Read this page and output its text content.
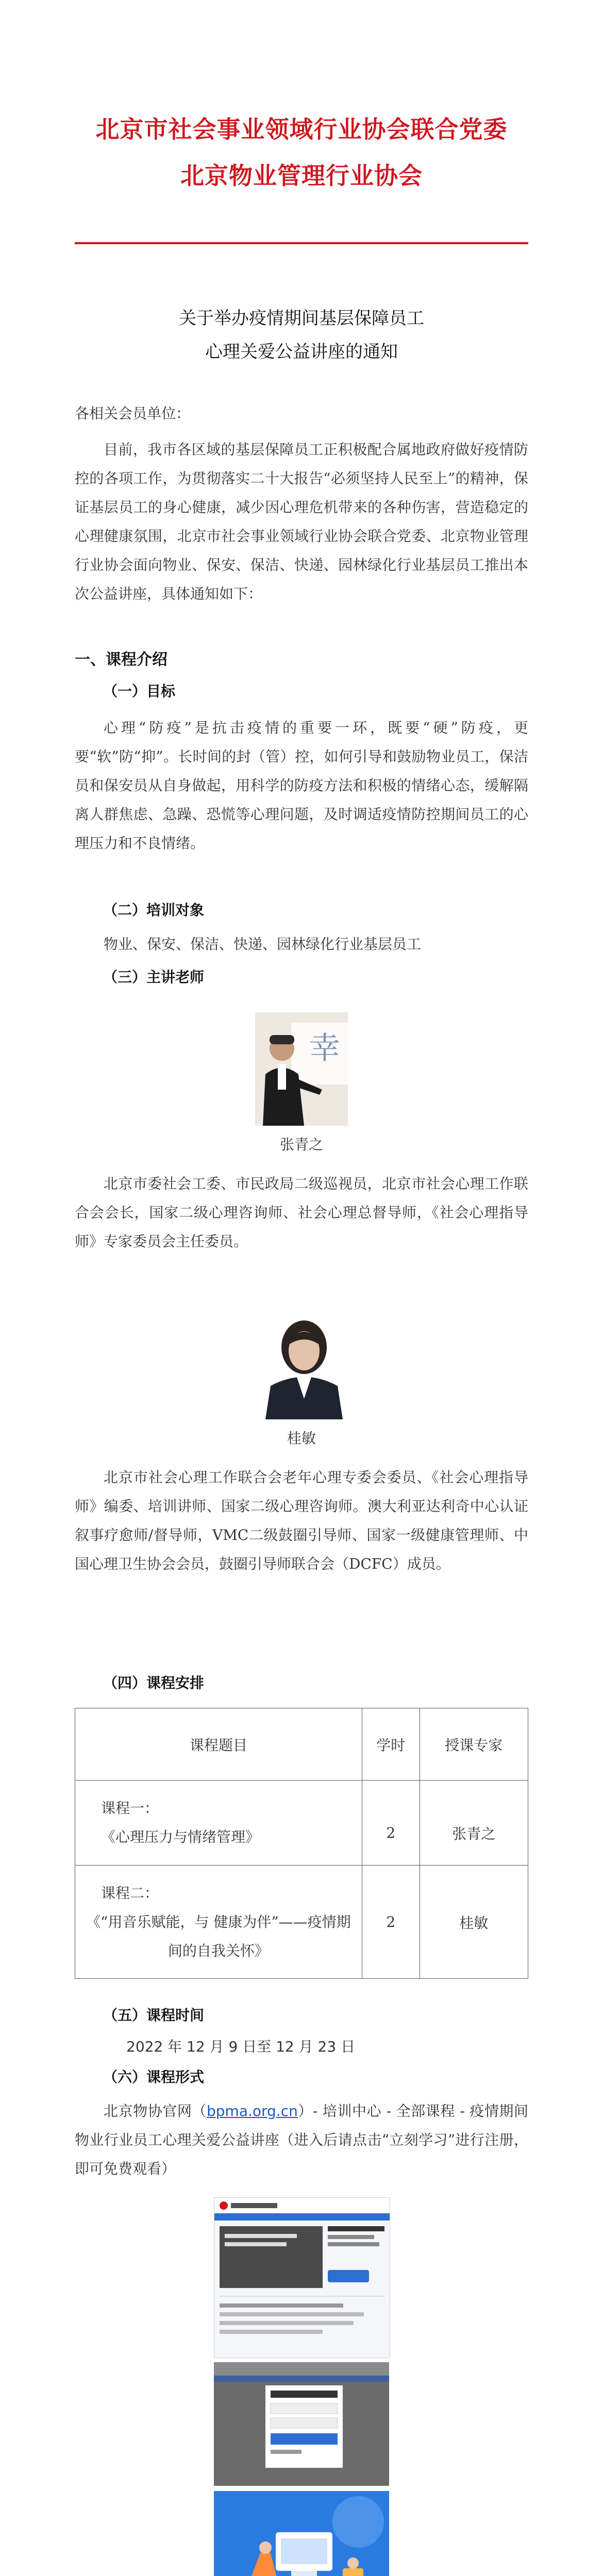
北京市社会事业领域行业协会联合党委
北京物业管理行业协会
关于举办疫情期间基层保障员工
心理关爱公益讲座的通知
各相关会员单位：

目前，我市各区域的基层保障员工正积极配合属地政府做好疫情防控的各项工作，为贯彻落实二十大报告“必须坚持人民至上”的精神，保证基层员工的身心健康，减少因心理危机带来的各种伤害，营造稳定的心理健康氛围，北京市社会事业领域行业协会联合党委、北京物业管理行业协会面向物业、保安、保洁、快递、园林绿化行业基层员工推出本次公益讲座，具体通知如下：

一、课程介绍
（一）目标

心理“防疫”是抗击疫情的重要一环，既要“硬”防疫，更要“软”防“抑”。长时间的封（管）控，如何引导和鼓励物业员工，保洁员和保安员从自身做起，用科学的防疫方法和积极的情绪心态，缓解隔离人群焦虑、急躁、恐慌等心理问题，及时调适疫情防控期间员工的心理压力和不良情绪。

（二）培训对象

物业、保安、保洁、快递、园林绿化行业基层员工

（三）主讲老师
幸
张青之

北京市委社会工委、市民政局二级巡视员，北京市社会心理工作联合会会长，国家二级心理咨询师、社会心理总督导师，《社会心理指导师》专家委员会主任委员。

桂敏

北京市社会心理工作联合会老年心理专委会委员、《社会心理指导师》编委、培训讲师、国家二级心理咨询师。澳大利亚达利奇中心认证叙事疗愈师/督导师，VMC二级鼓圈引导师、国家一级健康管理师、中国心理卫生协会会员，鼓圈引导师联合会（DCFC）成员。

（四）课程安排
课程题目	学时	授课专家

课程一：
《心理压力与情绪管理》	2	张青之

课程二：
《“用音乐赋能，与 健康为伴”——疫情期间的自我关怀》	2	桂敏
（五）课程时间
2022 年 12 月 9 日至 12 月 23 日
（六）课程形式

北京物协官网（bpma.org.cn）- 培训中心 - 全部课程 - 疫情期间物业行业员工心理关爱公益讲座（进入后请点击“立刻学习”进行注册，即可免费观看）
